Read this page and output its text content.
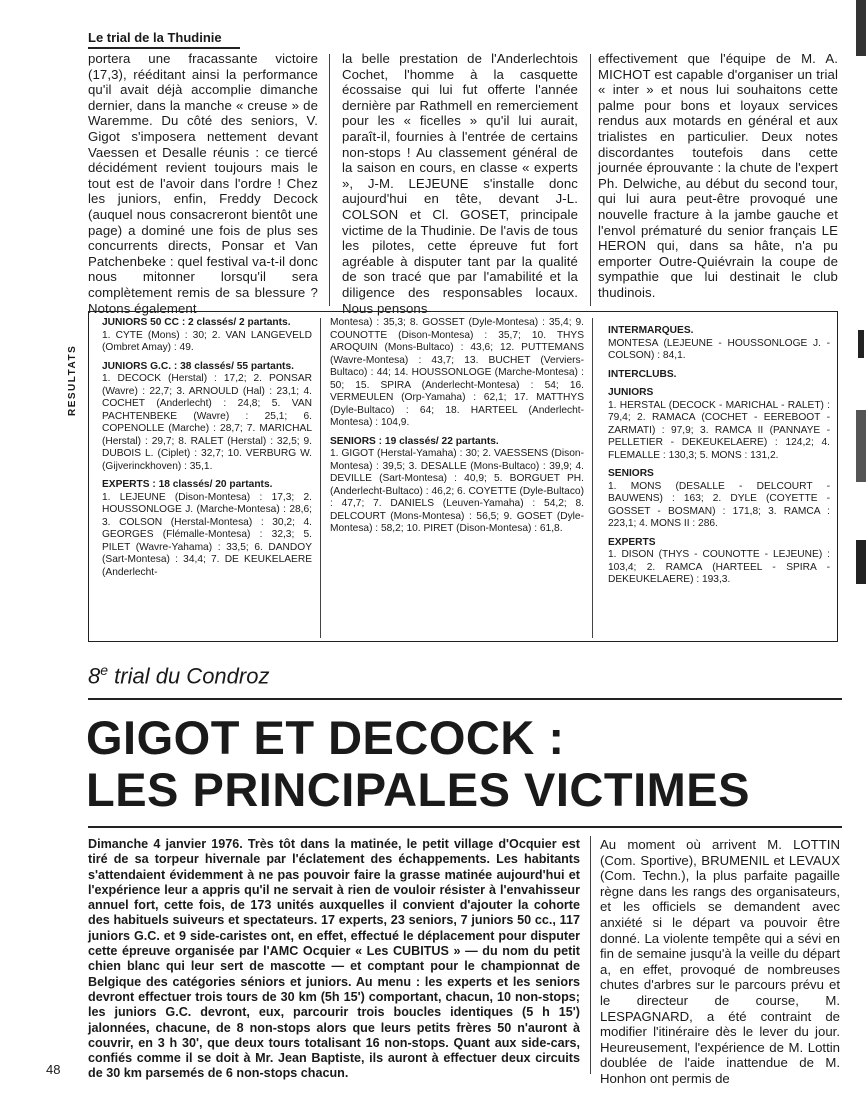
Le trial de la Thudinie

portera une fracassante victoire (17,3), rééditant ainsi la performance qu'il avait déjà accomplie dimanche dernier, dans la manche « creuse » de Waremme. Du côté des seniors, V. Gigot s'imposera nettement devant Vaessen et Desalle réunis : ce tiercé décidément revient toujours mais le tout est de l'avoir dans l'ordre ! Chez les juniors, enfin, Freddy Decock (auquel nous consacreront bientôt une page) a dominé une fois de plus ses concurrents directs, Ponsar et Van Patchenbeke : quel festival va-t-il donc nous mitonner lorsqu'il sera complètement remis de sa blessure ? Notons également

la belle prestation de l'Anderlechtois Cochet, l'homme à la casquette écossaise qui lui fut offerte l'année dernière par Rathmell en remerciement pour les « ficelles » qu'il lui aurait, paraît-il, fournies à l'entrée de certains non-stops ! Au classement général de la saison en cours, en classe « experts », J-M. LEJEUNE s'installe donc aujourd'hui en tête, devant J-L. COLSON et Cl. GOSET, principale victime de la Thudinie. De l'avis de tous les pilotes, cette épreuve fut fort agréable à disputer tant par la qualité de son tracé que par l'amabilité et la diligence des responsables locaux. Nous pensons

effectivement que l'équipe de M. A. MICHOT est capable d'organiser un trial « inter » et nous lui souhaitons cette palme pour bons et loyaux services rendus aux motards en général et aux trialistes en particulier. Deux notes discordantes toutefois dans cette journée éprouvante : la chute de l'expert Ph. Delwiche, au début du second tour, qui lui aura peut-être provoqué une nouvelle fracture à la jambe gauche et l'envol prématuré du senior français LE HERON qui, dans sa hâte, n'a pu emporter Outre-Quiévrain la coupe de sympathie que lui destinait le club thudinois.

RESULTATS
JUNIORS 50 CC : 2 classés/ 2 partants.
1. CYTE (Mons) : 30; 2. VAN LANGEVELD (Ombret Amay) : 49.
JUNIORS G.C. : 38 classés/ 55 partants.
1. DECOCK (Herstal) : 17,2; 2. PONSAR (Wavre) : 22,7; 3. ARNOULD (Hal) : 23,1; 4. COCHET (Anderlecht) : 24,8; 5. VAN PACHTENBEKE (Wavre) : 25,1; 6. COPENOLLE (Marche) : 28,7; 7. MARICHAL (Herstal) : 29,7; 8. RALET (Herstal) : 32,5; 9. DUBOIS L. (Ciplet) : 32,7; 10. VERBURG W. (Gijverinckhoven) : 35,1.
EXPERTS : 18 classés/ 20 partants.
1. LEJEUNE (Dison-Montesa) : 17,3; 2. HOUSSONLOGE J. (Marche-Montesa) : 28,6; 3. COLSON (Herstal-Montesa) : 30,2; 4. GEORGES (Flémalle-Montesa) : 32,3; 5. PILET (Wavre-Yahama) : 33,5; 6. DANDOY (Sart-Montesa) : 34,4; 7. DE KEUKELAERE (Anderlecht-
Montesa) : 35,3; 8. GOSSET (Dyle-Montesa) : 35,4; 9. COUNOTTE (Dison-Montesa) : 35,7; 10. THYS AROQUIN (Mons-Bultaco) : 43,6; 12. PUTTEMANS (Wavre-Montesa) : 43,7; 13. BUCHET (Verviers-Bultaco) : 44; 14. HOUSSONLOGE (Marche-Montesa) : 50; 15. SPIRA (Anderlecht-Montesa) : 54; 16. VERMEULEN (Orp-Yamaha) : 62,1; 17. MATTHYS (Dyle-Bultaco) : 64; 18. HARTEEL (Anderlecht-Montesa) : 104,9.
SENIORS : 19 classés/ 22 partants.
1. GIGOT (Herstal-Yamaha) : 30; 2. VAESSENS (Dison-Montesa) : 39,5; 3. DESALLE (Mons-Bultaco) : 39,9; 4. DEVILLE (Sart-Montesa) : 40,9; 5. BORGUET PH. (Anderlecht-Bultaco) : 46,2; 6. COYETTE (Dyle-Bultaco) : 47,7; 7. DANIELS (Leuven-Yamaha) : 54,2; 8. DELCOURT (Mons-Montesa) : 56,5; 9. GOSET (Dyle-Montesa) : 58,2; 10. PIRET (Dison-Montesa) : 61,8.
INTERMARQUES.
MONTESA (LEJEUNE - HOUSSONLOGE J. - COLSON) : 84,1.
INTERCLUBS.
JUNIORS
1. HERSTAL (DECOCK - MARICHAL - RALET) : 79,4; 2. RAMACA (COCHET - EEREBOOT - ZARMATI) : 97,9; 3. RAMCA II (PANNAYE - PELLETIER - DEKEUKELAERE) : 124,2; 4. FLEMALLE : 130,3; 5. MONS : 131,2.
SENIORS
1. MONS (DESALLE - DELCOURT - BAUWENS) : 163; 2. DYLE (COYETTE - GOSSET - BOSMAN) : 171,8; 3. RAMCA : 223,1; 4. MONS II : 286.
EXPERTS
1. DISON (THYS - COUNOTTE - LEJEUNE) : 103,4; 2. RAMCA (HARTEEL - SPIRA - DEKEUKELAERE) : 193,3.
8e trial du Condroz
GIGOT ET DECOCK :
LES PRINCIPALES VICTIMES
Dimanche 4 janvier 1976. Très tôt dans la matinée, le petit village d'Ocquier est tiré de sa torpeur hivernale par l'éclatement des échappements. Les habitants s'attendaient évidemment à ne pas pouvoir faire la grasse matinée aujourd'hui et l'expérience leur a appris qu'il ne servait à rien de vouloir résister à l'envahisseur annuel fort, cette fois, de 173 unités auxquelles il convient d'ajouter la cohorte des habituels suiveurs et spectateurs. 17 experts, 23 seniors, 7 juniors 50 cc., 117 juniors G.C. et 9 side-caristes ont, en effet, effectué le déplacement pour disputer cette épreuve organisée par l'AMC Ocquier « Les CUBITUS » — du nom du petit chien blanc qui leur sert de mascotte — et comptant pour le championnat de Belgique des catégories séniors et juniors. Au menu : les experts et les seniors devront effectuer trois tours de 30 km (5h 15') comportant, chacun, 10 non-stops; les juniors G.C. devront, eux, parcourir trois boucles identiques (5 h 15') jalonnées, chacune, de 8 non-stops alors que leurs petits frères 50 n'auront à couvrir, en 3 h 30', que deux tours totalisant 16 non-stops. Quant aux side-cars, confiés comme il se doit à Mr. Jean Baptiste, ils auront à effectuer deux circuits de 30 km parsemés de 6 non-stops chacun.
Au moment où arrivent M. LOTTIN (Com. Sportive), BRUMENIL et LEVAUX (Com. Techn.), la plus parfaite pagaille règne dans les rangs des organisateurs, et les officiels se demandent avec anxiété si le départ va pouvoir être donné. La violente tempête qui a sévi en fin de semaine jusqu'à la veille du départ a, en effet, provoqué de nombreuses chutes d'arbres sur le parcours prévu et le directeur de course, M. LESPAGNARD, a été contraint de modifier l'itinéraire dès le lever du jour. Heureusement, l'expérience de M. Lottin doublée de l'aide inattendue de M. Honhon ont permis de
48
